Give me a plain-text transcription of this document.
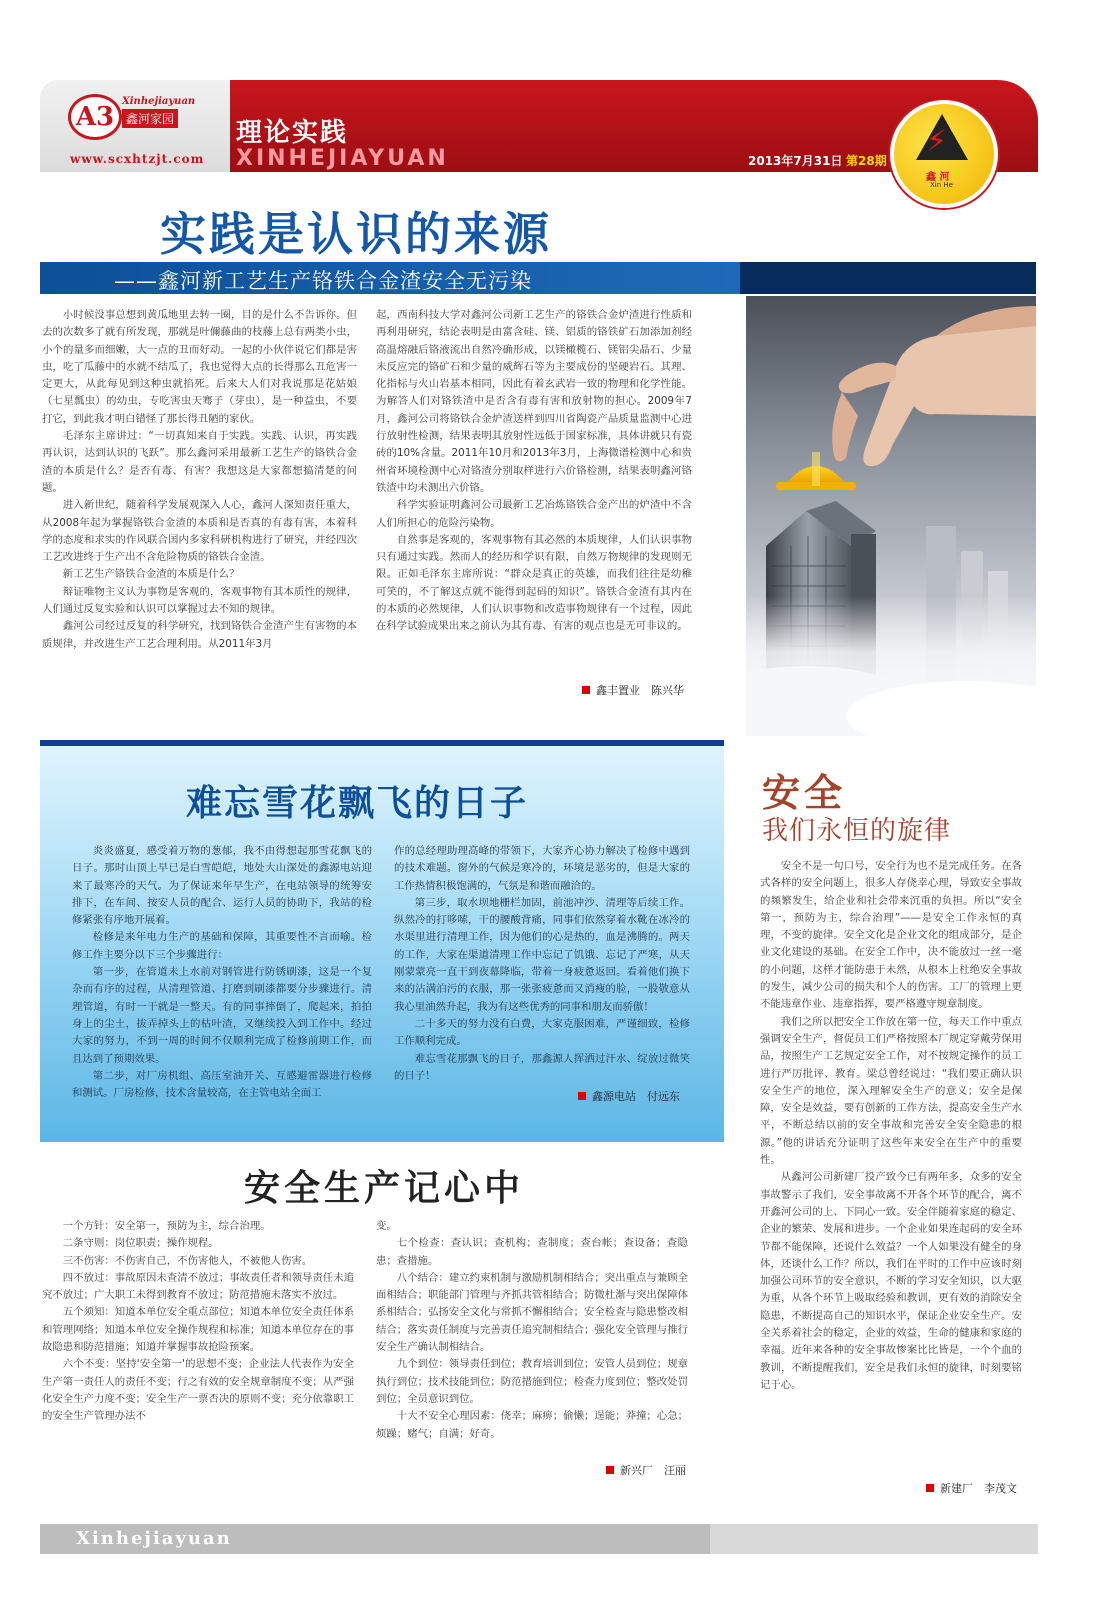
A3
Xinhejiayuan
鑫河家园
www.scxhtzjt.com
理论实践
XINHEJIAYUAN	2013年7月31日 第28期
⚡
鑫 河
Xin He
实践是认识的来源
——鑫河新工艺生产铬铁合金渣安全无污染

小时候没事总想到黄瓜地里去转一圈，目的是什么不告诉你。但去的次数多了就有所发现，那就是叶儞藤曲的枝藤上总有两类小虫，小个的量多而细嫩，大一点的丑而好动。一起的小伙伴说它们都是害虫，吃了瓜藤中的水就不结瓜了，我也觉得大点的长得那么丑危害一定更大，从此每见到这种虫就掐死。后来大人们对我说那是花姑娘（七星瓢虫）的幼虫，专吃害虫天骞子（芽虫），是一种益虫，不要打它，到此我才明白错怪了那长得丑陋的家伙。

毛泽东主席讲过：“一切真知来自于实践。实践、认识，再实践再认识，达到认识的飞跃”。那么鑫河采用最新工艺生产的铬铁合金渣的本质是什么？是否有毒、有害？我想这是大家都想搞清楚的问题。

进入新世纪，随着科学发展观深入人心，鑫河人深知责任重大，从2008年起为掌握铬铁合金渣的本质和是否真的有毒有害，本着科学的态度和求实的作风联合国内多家科研机构进行了研究，并经四次工艺改进终于生产出不含危险物质的铬铁合金渣。

新工艺生产铬铁合金渣的本质是什么？

辩证唯物主义认为事物是客观的，客观事物有其本质性的规律，人们通过反复实验和认识可以掌握过去不知的规律。

鑫河公司经过反复的科学研究，找到铬铁合金渣产生有害物的本质规律，并改进生产工艺合理利用。从2011年3月

起，西南科技大学对鑫河公司新工艺生产的铬铁合金炉渣进行性质和再利用研究，结论表明是由富含硅、镁、铝质的铬铁矿石加添加剂经高温熔融后铬液流出自然冷确形成，以镁橄榄石、镁铝尖晶石、少量未反应完的铬矿石和少量的威辉石等为主要成份的坚硬岩石。其理、化指标与火山岩基本相同，因此有着玄武岩一致的物理和化学性能。为解答人们对铬铁渣中是否含有毒有害和放射物的担心。2009年7月，鑫河公司将铬铁合金炉渣送样到四川省陶瓷产品质量监测中心进行放射性检测，结果表明其放射性远低于国家标准，具体讲就只有瓷砖的10%含量。2011年10月和2013年3月，上海微谱检测中心和贵州省环境检测中心对铬渣分别取样进行六价铬检测，结果表明鑫河铬铁渣中均未测出六价铬。

科学实验证明鑫河公司最新工艺冶炼铬铁合金产出的炉渣中不含人们所担心的危险污染物。

自然事是客观的，客观事物有其必然的本质规律，人们认识事物只有通过实践。然而人的经历和学识有限，自然万物规律的发现则无限。正如毛泽东主席所说：“群众是真正的英雄，而我们往往是幼稚可笑的，不了解这点就不能得到起码的知识”。铬铁合金渣有其内在的本质的必然规律，人们认识事物和改造事物规律有一个过程，因此在科学试验成果出来之前认为其有毒、有害的观点也是无可非议的。

鑫丰置业　陈兴华
难忘雪花飘飞的日子

炎炎盛夏，感受着万物的葱郁，我不由得想起那雪花飘飞的日子。那时山顶上早已是白雪皑皑，地处大山深处的鑫源电站迎来了最寒冷的天气。为了保证来年早生产，在电站领导的统筹安排下，在车间、按安人员的配合、运行人员的协助下，我站的检修紧张有序地开展着。

检修是来年电力生产的基础和保障，其重要性不言而喻。检修工作主要分以下三个步骤进行：

第一步，在管道未上水前对钢管进行防锈刷漆，这是一个复杂而有序的过程，从清理管道、打磨到刷漆都要分步骤进行。清理管道，有时一干就是一整天。有的同事摔倒了，爬起来，拍拍身上的尘土，拔弄掉头上的枯叶渣，又继续投入到工作中。经过大家的努力，不到一周的时间不仅顺利完成了检修前期工作，而且达到了预期效果。

第二步，对厂房机组、高压室油开关、互感避雷器进行检修和测试。厂房检修，技术含量较高，在主管电站全面工

作的总经理助理高峰的带领下，大家齐心协力解决了检修中遇到的技术难题。窗外的气候是寒冷的，环境是恶劣的，但是大家的工作热情积极饱满的，气氛是和谐而融洽的。

第三步，取水坝地栅栏加固，前池冲沙、清理等后续工作。纵然冷的打哆嗦，干的腰酸背痛，同事们依然穿着水靴在冰冷的水渠里进行清理工作，因为他们的心是热的，血是沸腾的。两天的工作，大家在渠道清理工作中忘记了饥饿、忘记了严寒，从天刚蒙蒙亮一直干到夜幕降临，带着一身疲惫返回。看着他们换下来的沾满泊污的衣服，那一张张疲惫而又消瘦的脸，一股敬意从我心里油然升起，我为有这些优秀的同事和朋友而骄傲！

二十多天的努力没有白费，大家克服困难，严谨细致，检修工作顺利完成。

难忘雪花那飘飞的日子，那鑫源人挥洒过汗水、绽放过微笑的日子！

鑫源电站　付远东
安全生产记心中

一个方针：安全第一，预防为主，综合治理。

二条守则：岗位职责；操作规程。

三不伤害：不伤害自己，不伤害他人，不被他人伤害。

四不放过：事故原因未查清不放过；事故责任者和领导责任未追究不放过；广大职工未得到教育不放过；防范措施未落实不放过。

五个须知：知道本单位安全重点部位；知道本单位安全责任体系和管理网络；知道本单位安全操作规程和标准；知道本单位存在的事故隐患和防范措施；知道并掌握事故抢险预案。

六个不变：坚持'安全第一'的思想不变；企业法人代表作为安全生产第一责任人的责任不变；行之有效的安全规章制度不变；从严强化安全生产力度不变；安全生产一票否决的原则不变；充分依靠职工的安全生产管理办法不

变。

七个检查：查认识；查机构；查制度；查台帐；查设备；查隐患；查措施。

八个结合：建立约束机制与激励机制相结合；突出重点与兼顾全面相结合；职能部门管理与齐抓共管相结合；防微杜渐与突出保障体系相结合；弘扬安全文化与常抓不懈相结合；安全检查与隐患整改相结合；落实责任制度与完善责任追究制相结合；强化安全管理与推行安全生产确认制相结合。

九个到位：领导责任到位；教育培训到位；安管人员到位；规章执行到位；技术技能到位；防范措施到位；检查力度到位；整改处罚到位；全员意识到位。

十大不安全心理因素：侥幸；麻痹；偷懒；逞能；莽撞；心急；烦躁；赌气；自满；好奇。

新兴厂　汪丽
安全
我们永恒的旋律

安全不是一句口号，安全行为也不是完成任务。在各式各样的安全问题上，很多人存侥幸心理，导致安全事故的频繁发生，给企业和社会带来沉重的负担。所以“安全第一，预防为主，综合治理”——是安全工作永恒的真理，不变的旋律。安全文化是企业文化的组成部分，是企业文化建设的基础。在安全工作中，决不能放过一丝一毫的小问题，这样才能防患于未然，从根本上杜绝安全事故的发生，减少公司的损失和个人的伤害。工厂的管理上更不能违章作业、违章指挥，要严格遵守规章制度。

我们之所以把安全工作放在第一位，每天工作中重点强调安全生产，督促员工们严格按照本厂规定穿戴劳保用品，按照生产工艺规定安全工作，对不按规定操作的员工进行严厉批评、教育。梁总曾经说过：“我们要正确认识安全生产的地位，深入理解安全生产的意义；安全是保障，安全是效益，要有创新的工作方法，提高安全生产水平，不断总结以前的安全事故和完善安全安全隐患的根源。”他的讲话充分证明了这些年来安全在生产中的重要性。

从鑫河公司新建厂投产致今已有两年多，众多的安全事故警示了我们，安全事故离不开各个环节的配合，离不开鑫河公司的上、下同心一致。安全伴随着家庭的稳定、企业的繁荣、发展和进步。一个企业如果连起码的安全环节都不能保障，还说什么效益？一个人如果没有健全的身体，还谈什么工作？所以，我们在平时的工作中应该时刻加强公司环节的安全意识，不断的学习安全知识，以大驱为重，从各个环节上吸取经验和教训，更有效的消除安全隐患，不断提高自己的知识水平，保证企业安全生产。安全关系着社会的稳定，企业的效益，生命的健康和家庭的幸福。近年来各种的安全事故惨案比比皆是，一个个血的教训，不断提醒我们，安全是我们永恒的旋律，时刻要铭记于心。

新建厂　李茂文
Xinhejiayuan
